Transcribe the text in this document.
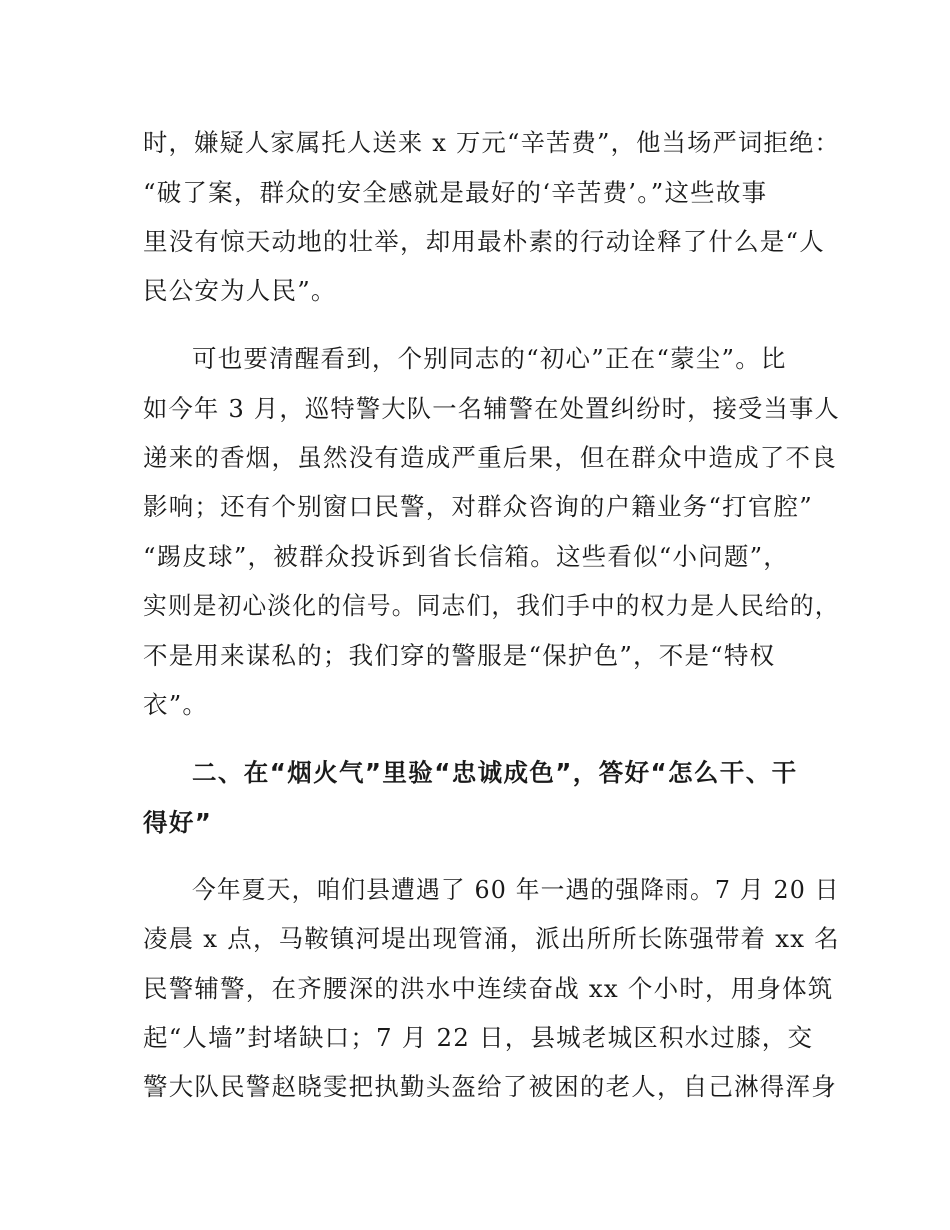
时，嫌疑人家属托人送来 x 万元“辛苦费”，他当场严词拒绝：
“破了案，群众的安全感就是最好的‘辛苦费’。”这些故事
里没有惊天动地的壮举，却用最朴素的行动诠释了什么是“人
民公安为人民”。
可也要清醒看到，个别同志的“初心”正在“蒙尘”。比
如今年 3 月，巡特警大队一名辅警在处置纠纷时，接受当事人
递来的香烟，虽然没有造成严重后果，但在群众中造成了不良
影响；还有个别窗口民警，对群众咨询的户籍业务“打官腔”
“踢皮球”，被群众投诉到省长信箱。这些看似“小问题”，
实则是初心淡化的信号。同志们，我们手中的权力是人民给的，
不是用来谋私的；我们穿的警服是“保护色”，不是“特权
衣”。
二、在“烟火气”里验“忠诚成色”，答好“怎么干、干
得好”
今年夏天，咱们县遭遇了 60 年一遇的强降雨。7 月 20 日
凌晨 x 点，马鞍镇河堤出现管涌，派出所所长陈强带着 xx 名
民警辅警，在齐腰深的洪水中连续奋战 xx 个小时，用身体筑
起“人墙”封堵缺口；7 月 22 日，县城老城区积水过膝，交
警大队民警赵晓雯把执勤头盔给了被困的老人，自己淋得浑身
